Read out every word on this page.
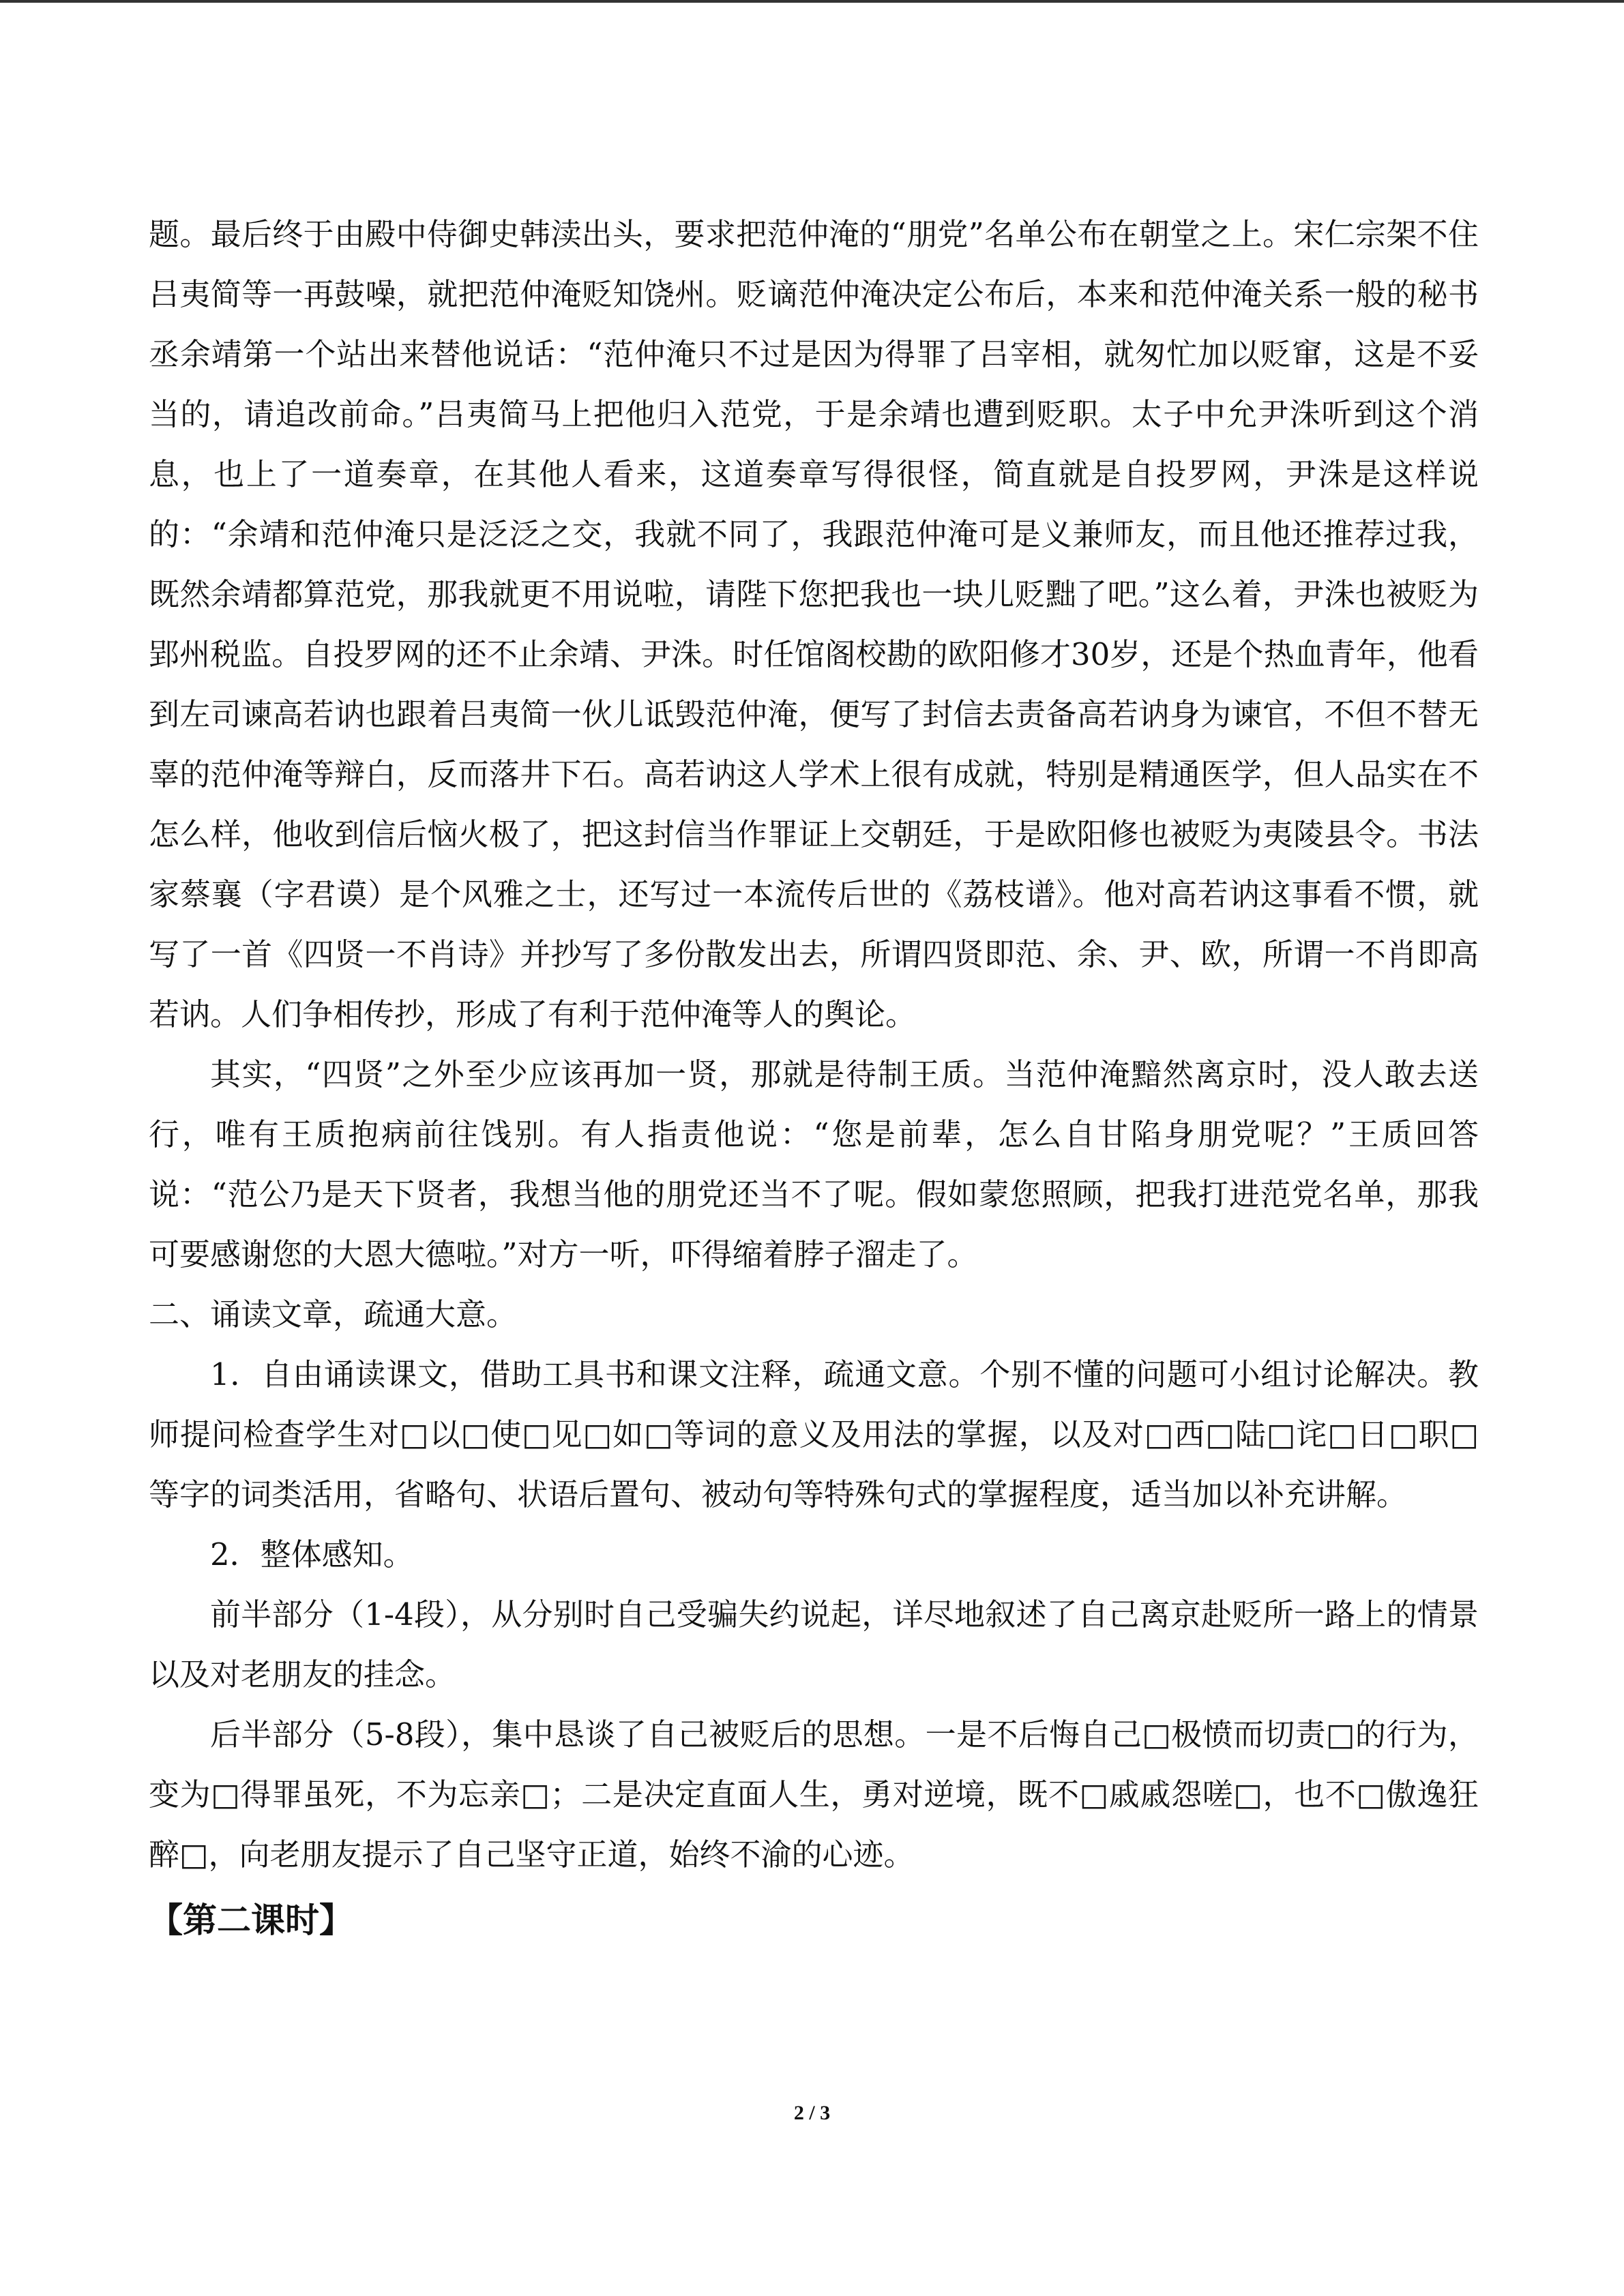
题。最后终于由殿中侍御史韩渎出头，要求把范仲淹的“朋党”名单公布在朝堂之上。宋仁宗架不住吕夷简等一再鼓噪，就把范仲淹贬知饶州。贬谪范仲淹决定公布后，本来和范仲淹关系一般的秘书丞余靖第一个站出来替他说话：“范仲淹只不过是因为得罪了吕宰相，就匆忙加以贬窜，这是不妥当的，请追改前命。”吕夷简马上把他归入范党，于是余靖也遭到贬职。太子中允尹洙听到这个消息，也上了一道奏章，在其他人看来，这道奏章写得很怪，简直就是自投罗网，尹洙是这样说的：“余靖和范仲淹只是泛泛之交，我就不同了，我跟范仲淹可是义兼师友，而且他还推荐过我，既然余靖都算范党，那我就更不用说啦，请陛下您把我也一块儿贬黜了吧。”这么着，尹洙也被贬为郢州税监。自投罗网的还不止余靖、尹洙。时任馆阁校勘的欧阳修才30岁，还是个热血青年，他看到左司谏高若讷也跟着吕夷简一伙儿诋毁范仲淹，便写了封信去责备高若讷身为谏官，不但不替无辜的范仲淹等辩白，反而落井下石。高若讷这人学术上很有成就，特别是精通医学，但人品实在不怎么样，他收到信后恼火极了，把这封信当作罪证上交朝廷，于是欧阳修也被贬为夷陵县令。书法家蔡襄（字君谟）是个风雅之士，还写过一本流传后世的《荔枝谱》。他对高若讷这事看不惯，就写了一首《四贤一不肖诗》并抄写了多份散发出去，所谓四贤即范、余、尹、欧，所谓一不肖即高若讷。人们争相传抄，形成了有利于范仲淹等人的舆论。

其实，“四贤”之外至少应该再加一贤，那就是待制王质。当范仲淹黯然离京时，没人敢去送行，唯有王质抱病前往饯别。有人指责他说：“您是前辈，怎么自甘陷身朋党呢？”王质回答说：“范公乃是天下贤者，我想当他的朋党还当不了呢。假如蒙您照顾，把我打进范党名单，那我可要感谢您的大恩大德啦。”对方一听，吓得缩着脖子溜走了。

二、诵读文章，疏通大意。

1．自由诵读课文，借助工具书和课文注释，疏通文意。个别不懂的问题可小组讨论解决。教师提问检查学生对□以□使□见□如□等词的意义及用法的掌握，以及对□西□陆□诧□日□职□等字的词类活用，省略句、状语后置句、被动句等特殊句式的掌握程度，适当加以补充讲解。

2．整体感知。

前半部分（1-4段），从分别时自己受骗失约说起，详尽地叙述了自己离京赴贬所一路上的情景以及对老朋友的挂念。

后半部分（5-8段），集中恳谈了自己被贬后的思想。一是不后悔自己□极愤而切责□的行为，变为□得罪虽死，不为忘亲□；二是决定直面人生，勇对逆境，既不□戚戚怨嗟□，也不□傲逸狂醉□，向老朋友提示了自己坚守正道，始终不渝的心迹。

【第二课时】

2 / 3
